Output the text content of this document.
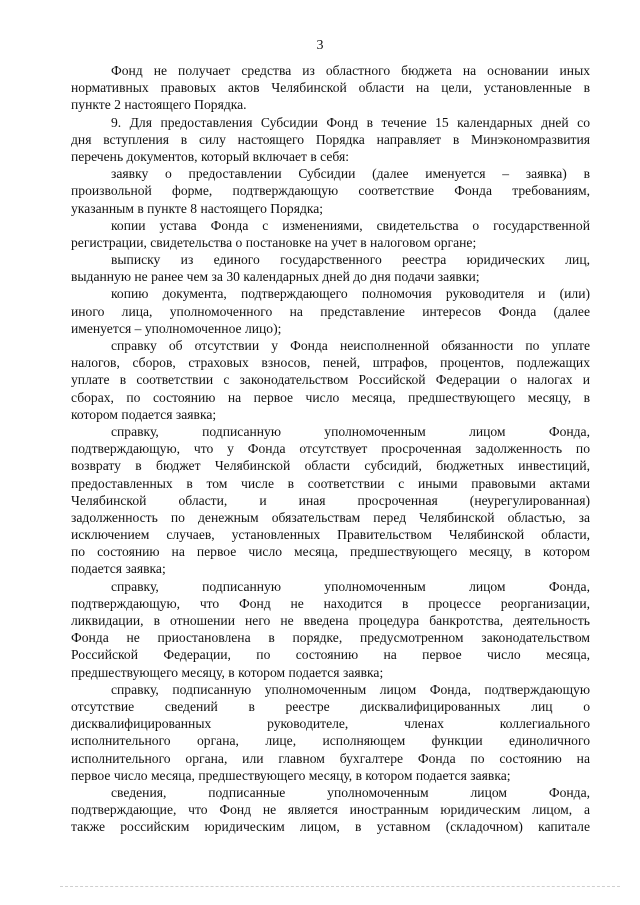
3
Фонд не получает средства из областного бюджета на основании иных
нормативных правовых актов Челябинской области на цели, установленные в
пункте 2 настоящего Порядка.
9. Для предоставления Субсидии Фонд в течение 15 календарных дней со
дня вступления в силу настоящего Порядка направляет в Минэкономразвития
перечень документов, который включает в себя:
заявку о предоставлении Субсидии (далее именуется – заявка) в
произвольной форме, подтверждающую соответствие Фонда требованиям,
указанным в пункте 8 настоящего Порядка;
копии устава Фонда с изменениями, свидетельства о государственной
регистрации, свидетельства о постановке на учет в налоговом органе;
выписку из единого государственного реестра юридических лиц,
выданную не ранее чем за 30 календарных дней до дня подачи заявки;
копию документа, подтверждающего полномочия руководителя и (или)
иного лица, уполномоченного на представление интересов Фонда (далее
именуется – уполномоченное лицо);
справку об отсутствии у Фонда неисполненной обязанности по уплате
налогов, сборов, страховых взносов, пеней, штрафов, процентов, подлежащих
уплате в соответствии с законодательством Российской Федерации о налогах и
сборах, по состоянию на первое число месяца, предшествующего месяцу, в
котором подается заявка;
справку, подписанную уполномоченным лицом Фонда,
подтверждающую, что у Фонда отсутствует просроченная задолженность по
возврату в бюджет Челябинской области субсидий, бюджетных инвестиций,
предоставленных в том числе в соответствии с иными правовыми актами
Челябинской области, и иная просроченная (неурегулированная)
задолженность по денежным обязательствам перед Челябинской областью, за
исключением случаев, установленных Правительством Челябинской области,
по состоянию на первое число месяца, предшествующего месяцу, в котором
подается заявка;
справку, подписанную уполномоченным лицом Фонда,
подтверждающую, что Фонд не находится в процессе реорганизации,
ликвидации, в отношении него не введена процедура банкротства, деятельность
Фонда не приостановлена в порядке, предусмотренном законодательством
Российской Федерации, по состоянию на первое число месяца,
предшествующего месяцу, в котором подается заявка;
справку, подписанную уполномоченным лицом Фонда, подтверждающую
отсутствие сведений в реестре дисквалифицированных лиц о
дисквалифицированных руководителе, членах коллегиального
исполнительного органа, лице, исполняющем функции единоличного
исполнительного органа, или главном бухгалтере Фонда по состоянию на
первое число месяца, предшествующего месяцу, в котором подается заявка;
сведения, подписанные уполномоченным лицом Фонда,
подтверждающие, что Фонд не является иностранным юридическим лицом, а
также российским юридическим лицом, в уставном (складочном) капитале
